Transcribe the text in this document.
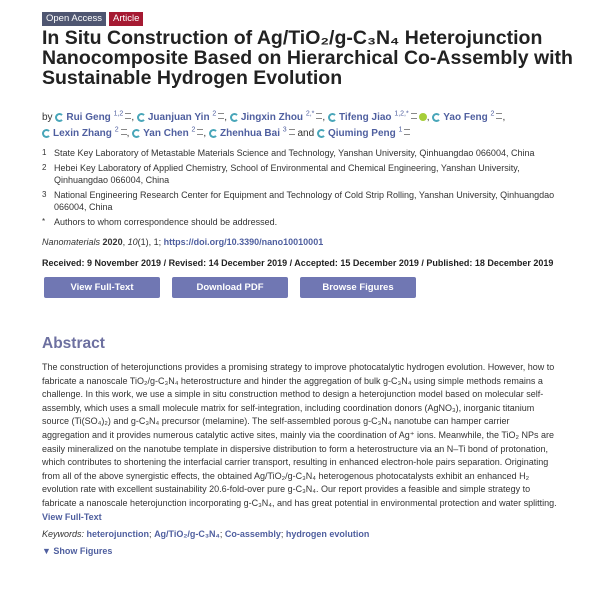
Open Access	Article
In Situ Construction of Ag/TiO₂/g-C₃N₄ Heterojunction Nanocomposite Based on Hierarchical Co-Assembly with Sustainable Hydrogen Evolution
by Rui Geng $^{1,2}$ , Juanjuan Yin $^2$ , Jingxin Zhou $^{2,*}$ , Tifeng Jiao $^{1,2,*}$ , Yao Feng $^2$ ,
Lexin Zhang $^2$ , Yan Chen $^2$ , Zhenhua Bai $^3$ and Qiuming Peng $^1$
1 State Key Laboratory of Metastable Materials Science and Technology, Yanshan University, Qinhuangdao 066004, China
2 Hebei Key Laboratory of Applied Chemistry, School of Environmental and Chemical Engineering, Yanshan University, Qinhuangdao 066004, China
3 National Engineering Research Center for Equipment and Technology of Cold Strip Rolling, Yanshan University, Qinhuangdao 066004, China
* Authors to whom correspondence should be addressed.
Nanomaterials 2020, 10(1), 1; https://doi.org/10.3390/nano10010001
Received: 9 November 2019 / Revised: 14 December 2019 / Accepted: 15 December 2019 / Published: 18 December 2019
View Full-Text	Download PDF	Browse Figures
Abstract
The construction of heterojunctions provides a promising strategy to improve photocatalytic hydrogen evolution. However, how to
fabricate a nanoscale TiO₂/g-C₃N₄ heterostructure and hinder the aggregation of bulk g-C₃N₄ using simple methods remains a
challenge. In this work, we use a simple in situ construction method to design a heterojunction model based on molecular self-
assembly, which uses a small molecule matrix for self-integration, including coordination donors (AgNO₃), inorganic titanium
source (Ti(SO₄)₂) and g-C₃N₄ precursor (melamine). The self-assembled porous g-C₃N₄ nanotube can hamper carrier
aggregation and it provides numerous catalytic active sites, mainly via the coordination of Ag⁺ ions. Meanwhile, the TiO₂ NPs are
easily mineralized on the nanotube template in dispersive distribution to form a heterostructure via an N–Ti bond of protonation,
which contributes to shortening the interfacial carrier transport, resulting in enhanced electron-hole pairs separation. Originating
from all of the above synergistic effects, the obtained Ag/TiO₂/g-C₃N₄ heterogenous photocatalysts exhibit an enhanced H₂
evolution rate with excellent sustainability 20.6-fold-over pure g-C₃N₄. Our report provides a feasible and simple strategy to
fabricate a nanoscale heterojunction incorporating g-C₃N₄, and has great potential in environmental protection and water splitting.
View Full-Text
Keywords: heterojunction; Ag/TiO₂/g-C₃N₄; Co-assembly; hydrogen evolution
▼ Show Figures
